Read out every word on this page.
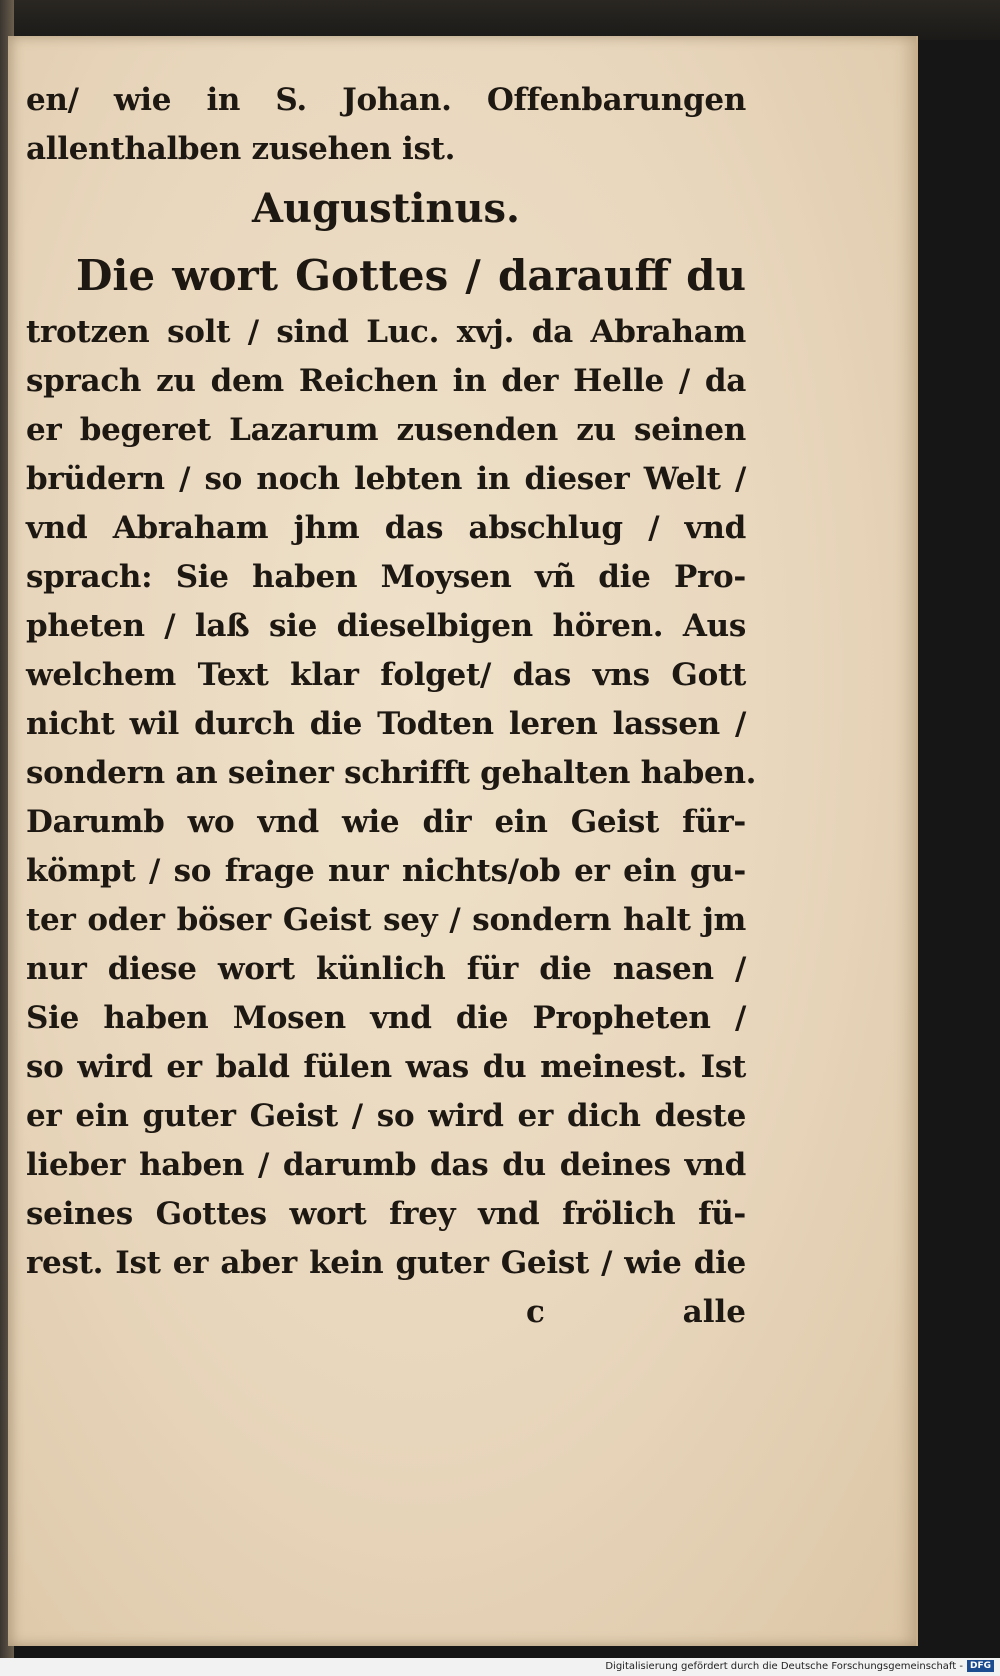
en/ wie in S. Johan. Offenbarungen
allenthalben zusehen ist.
Augustinus.
Die wort Gottes / darauff du
trotzen solt / sind Luc. xvj. da Abraham
sprach zu dem Reichen in der Helle / da
er begeret Lazarum zusenden zu seinen
brüdern / so noch lebten in dieser Welt /
vnd Abraham jhm das abschlug / vnd
sprach: Sie haben Moysen vñ die Pro-
pheten / laß sie dieselbigen hören. Aus
welchem Text klar folget/ das vns Gott
nicht wil durch die Todten leren lassen /
sondern an seiner schrifft gehalten haben.
Darumb wo vnd wie dir ein Geist für-
kömpt / so frage nur nichts/ob er ein gu-
ter oder böser Geist sey / sondern halt jm
nur diese wort künlich für die nasen /
Sie haben Mosen vnd die Propheten /
so wird er bald fülen was du meinest. Ist
er ein guter Geist / so wird er dich deste
lieber haben / darumb das du deines vnd
seines Gottes wort frey vnd frölich fü-
rest. Ist er aber kein guter Geist / wie die
c	alle
Digitalisierung gefördert durch die Deutsche Forschungsgemeinschaft - DFG
